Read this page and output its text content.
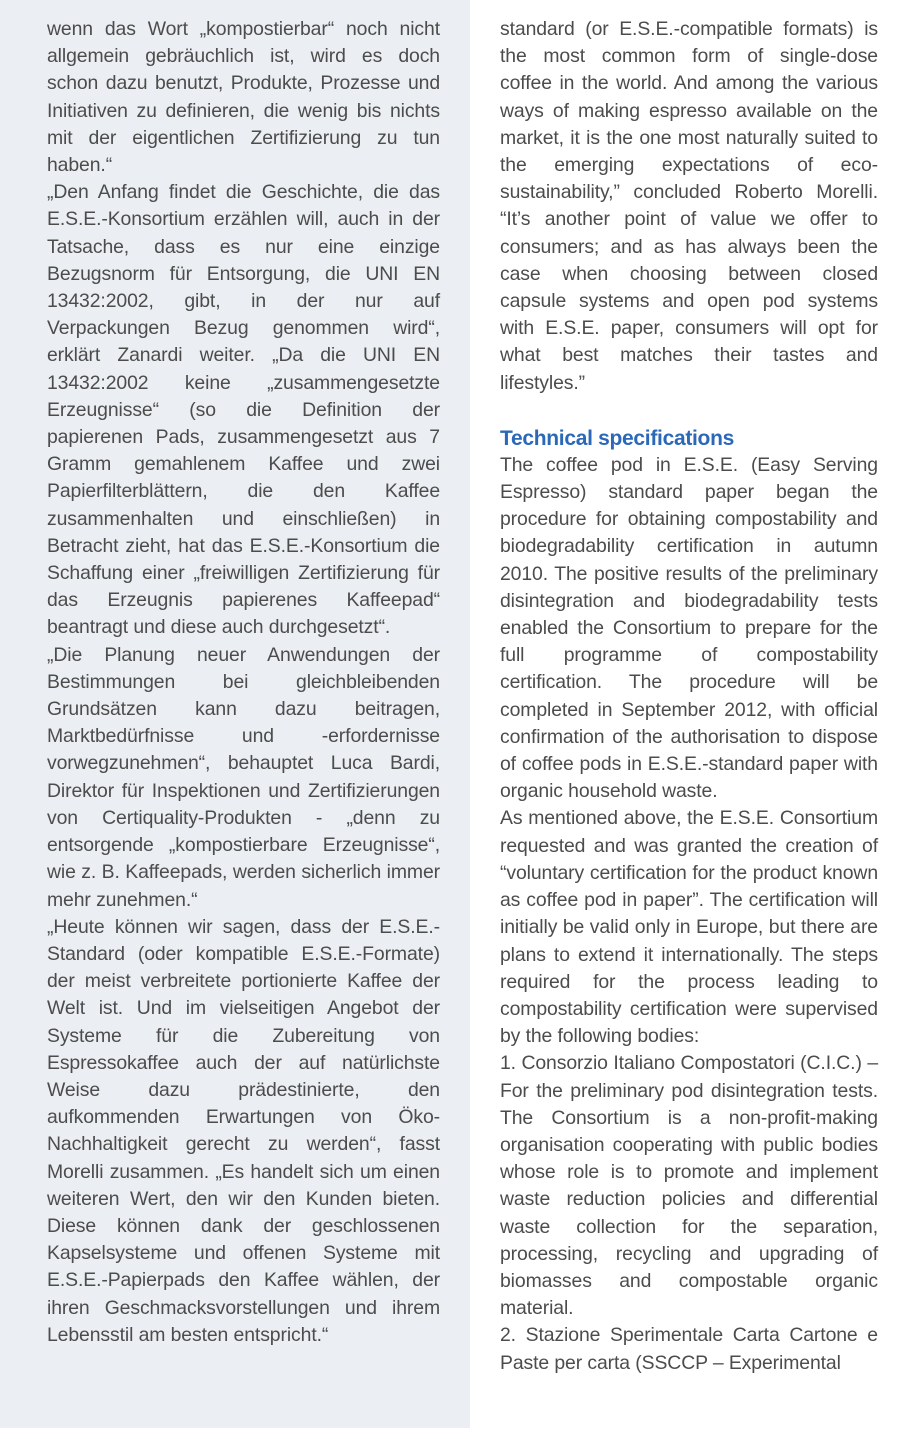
wenn das Wort „kompostierbar“ noch nicht allgemein gebräuchlich ist, wird es doch schon dazu benutzt, Produkte, Prozesse und Initiativen zu definieren, die wenig bis nichts mit der eigentlichen Zertifizierung zu tun haben.“

„Den Anfang findet die Geschichte, die das E.S.E.-Konsortium erzählen will, auch in der Tatsache, dass es nur eine einzige Bezugsnorm für Entsorgung, die UNI EN 13432:2002, gibt, in der nur auf Verpackungen Bezug genommen wird“, erklärt Zanardi weiter. „Da die UNI EN 13432:2002 keine „zusammengesetzte Erzeugnisse“ (so die Definition der papierenen Pads, zusammengesetzt aus 7 Gramm gemahlenem Kaffee und zwei Papierfilterblättern, die den Kaffee zusammenhalten und einschließen) in Betracht zieht, hat das E.S.E.-Konsortium die Schaffung einer „freiwilligen Zertifizierung für das Erzeugnis papierenes Kaffeepad“ beantragt und diese auch durchgesetzt“.

„Die Planung neuer Anwendungen der Bestimmungen bei gleichbleibenden Grundsätzen kann dazu beitragen, Marktbedürfnisse und -erfordernisse vorwegzunehmen“, behauptet Luca Bardi, Direktor für Inspektionen und Zertifizierungen von Certiquality-Produkten - „denn zu entsorgende „kompostierbare Erzeugnisse“, wie z. B. Kaffeepads, werden sicherlich immer mehr zunehmen.“

„Heute können wir sagen, dass der E.S.E.-Standard (oder kompatible E.S.E.-Formate) der meist verbreitete portionierte Kaffee der Welt ist. Und im vielseitigen Angebot der Systeme für die Zubereitung von Espressokaffee auch der auf natürlichste Weise dazu prädestinierte, den aufkommenden Erwartungen von Öko-Nachhaltigkeit gerecht zu werden“, fasst Morelli zusammen. „Es handelt sich um einen weiteren Wert, den wir den Kunden bieten. Diese können dank der geschlossenen Kapselsysteme und offenen Systeme mit E.S.E.-Papierpads den Kaffee wählen, der ihren Geschmacksvorstellungen und ihrem Lebensstil am besten entspricht.“

standard (or E.S.E.-compatible formats) is the most common form of single-dose coffee in the world. And among the various ways of making espresso available on the market, it is the one most naturally suited to the emerging expectations of eco-sustainability,” concluded Roberto Morelli. “It’s another point of value we offer to consumers; and as has always been the case when choosing between closed capsule systems and open pod systems with E.S.E. paper, consumers will opt for what best matches their tastes and lifestyles.”

Technical specifications

The coffee pod in E.S.E. (Easy Serving Espresso) standard paper began the procedure for obtaining compostability and biodegradability certification in autumn 2010. The positive results of the preliminary disintegration and biodegradability tests enabled the Consortium to prepare for the full programme of compostability certification. The procedure will be completed in September 2012, with official confirmation of the authorisation to dispose of coffee pods in E.S.E.-standard paper with organic household waste.

As mentioned above, the E.S.E. Consortium requested and was granted the creation of “voluntary certification for the product known as coffee pod in paper”. The certification will initially be valid only in Europe, but there are plans to extend it internationally. The steps required for the process leading to compostability certification were supervised by the following bodies:

1. Consorzio Italiano Compostatori (C.I.C.) – For the preliminary pod disintegration tests. The Consortium is a non-profit-making organisation cooperating with public bodies whose role is to promote and implement waste reduction policies and differential waste collection for the separation, processing, recycling and upgrading of biomasses and compostable organic material.

2. Stazione Sperimentale Carta Cartone e Paste per carta (SSCCP – Experimental
